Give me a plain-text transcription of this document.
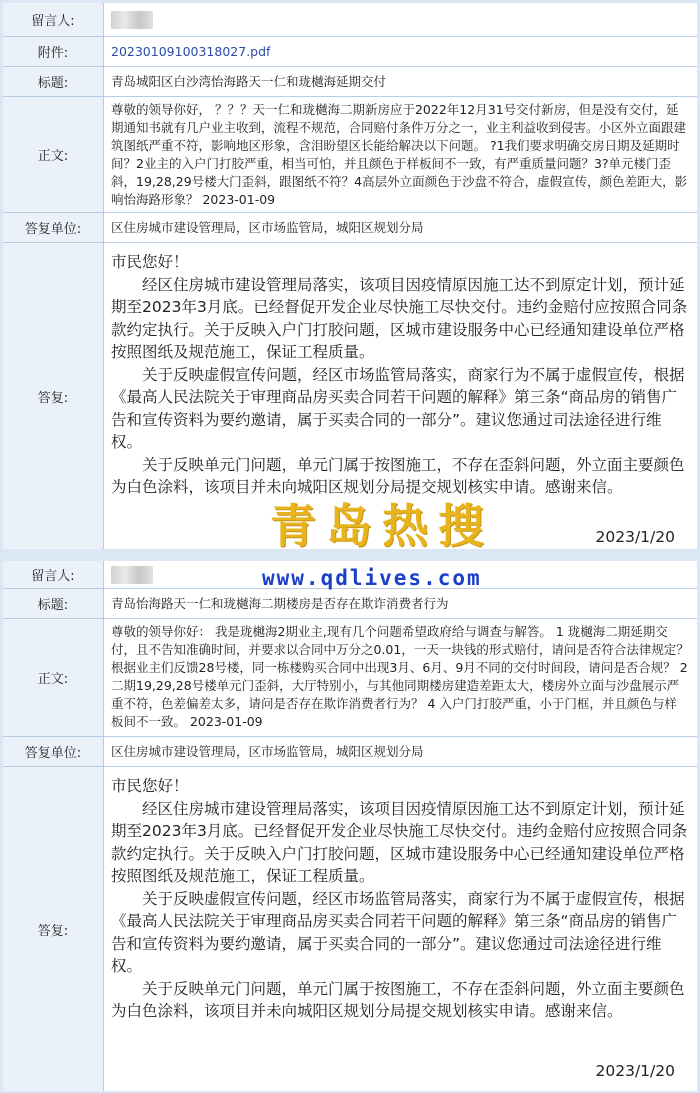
留言人:
附件:	20230109100318027.pdf
标题:	青岛城阳区白沙湾怡海路天一仁和珑樾海延期交付
正文:
尊敬的领导你好， ？？？天一仁和珑樾海二期新房应于2022年12月31号交付新房，但是没有交付，延期通知书就有几户业主收到，流程不规范，合同赔付条件万分之一，业主利益收到侵害。小区外立面跟建筑图纸严重不符，影响地区形象，含泪盼望区长能给解决以下问题。 ?1我们要求明确交房日期及延期时间？2业主的入户门打胶严重，相当可怕，并且颜色于样板间不一致，有严重质量问题？3?单元楼门歪斜，19,28,29号楼大门歪斜，跟图纸不符？4高层外立面颜色于沙盘不符合，虚假宣传，颜色差距大，影响怡海路形象？ 2023-01-09
答复单位:	区住房城市建设管理局，区市场监管局，城阳区规划分局
答复:

市民您好！

经区住房城市建设管理局落实，该项目因疫情原因施工达不到原定计划，预计延期至2023年3月底。已经督促开发企业尽快施工尽快交付。违约金赔付应按照合同条款约定执行。关于反映入户门打胶问题，区城市建设服务中心已经通知建设单位严格按照图纸及规范施工，保证工程质量。

关于反映虚假宣传问题，经区市场监管局落实，商家行为不属于虚假宣传，根据《最高人民法院关于审理商品房买卖合同若干问题的解释》第三条“商品房的销售广告和宣传资料为要约邀请，属于买卖合同的一部分”。建议您通过司法途径进行维权。

关于反映单元门问题，单元门属于按图施工，不存在歪斜问题，外立面主要颜色为白色涂料，该项目并未向城阳区规划分局提交规划核实申请。感谢来信。

2023/1/20
留言人:
标题:	青岛怡海路天一仁和珑樾海二期楼房是否存在欺诈消费者行为
正文:
尊敬的领导你好： 我是珑樾海2期业主,现有几个问题希望政府给与调查与解答。 1 珑樾海二期延期交付，且不告知准确时间，并要求以合同中万分之0.01，一天一块钱的形式赔付，请问是否符合法律规定？根据业主们反馈28号楼，同一栋楼购买合同中出现3月、6月、9月不同的交付时间段，请问是否合规？ 2 二期19,29,28号楼单元门歪斜，大厅特别小，与其他同期楼房建造差距太大，楼房外立面与沙盘展示严重不符，色差偏差太多，请问是否存在欺诈消费者行为？ 4 入户门打胶严重，小于门框，并且颜色与样板间不一致。 2023-01-09
答复单位:	区住房城市建设管理局，区市场监管局，城阳区规划分局
答复:

市民您好！

经区住房城市建设管理局落实，该项目因疫情原因施工达不到原定计划，预计延期至2023年3月底。已经督促开发企业尽快施工尽快交付。违约金赔付应按照合同条款约定执行。关于反映入户门打胶问题，区城市建设服务中心已经通知建设单位严格按照图纸及规范施工，保证工程质量。

关于反映虚假宣传问题，经区市场监管局落实，商家行为不属于虚假宣传，根据《最高人民法院关于审理商品房买卖合同若干问题的解释》第三条“商品房的销售广告和宣传资料为要约邀请，属于买卖合同的一部分”。建议您通过司法途径进行维权。

关于反映单元门问题，单元门属于按图施工，不存在歪斜问题，外立面主要颜色为白色涂料，该项目并未向城阳区规划分局提交规划核实申请。感谢来信。

2023/1/20
青岛热搜
www.qdlives.com
